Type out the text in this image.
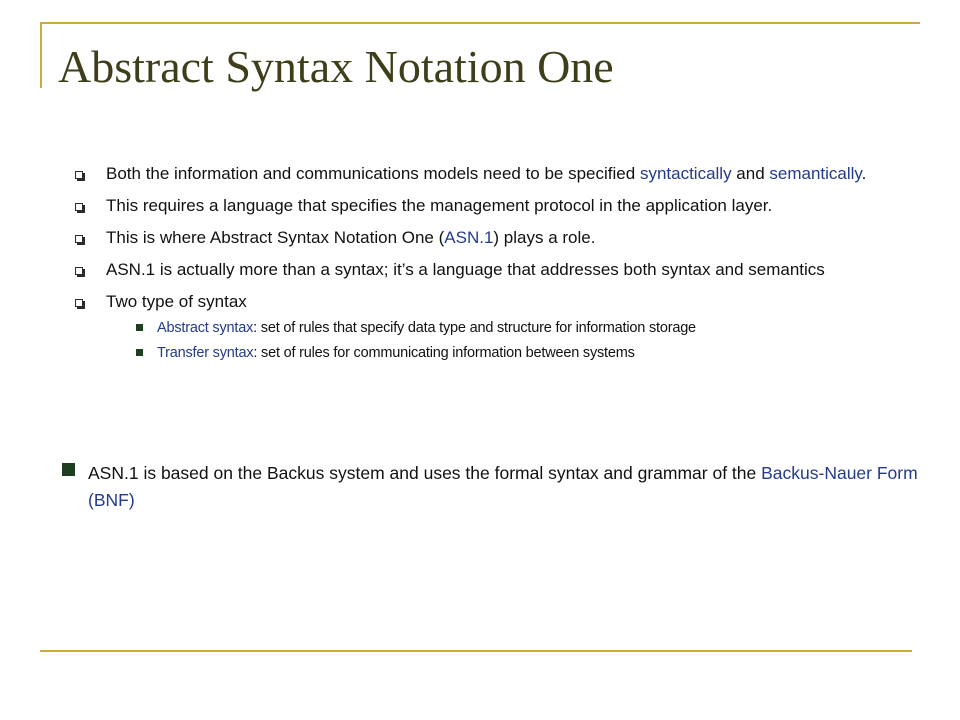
Abstract Syntax Notation One
Both the information and communications models need to be specified syntactically and semantically.
This requires a language that specifies the management protocol in the application layer.
This is where Abstract Syntax Notation One (ASN.1) plays a role.
ASN.1 is actually more than a syntax; it’s a language that addresses both syntax and semantics
Two type of syntax
Abstract syntax: set of rules that specify data type and structure for information storage
Transfer syntax: set of rules for communicating information between systems
ASN.1 is based on the Backus system and uses the formal syntax and grammar of the Backus-Nauer Form (BNF)
